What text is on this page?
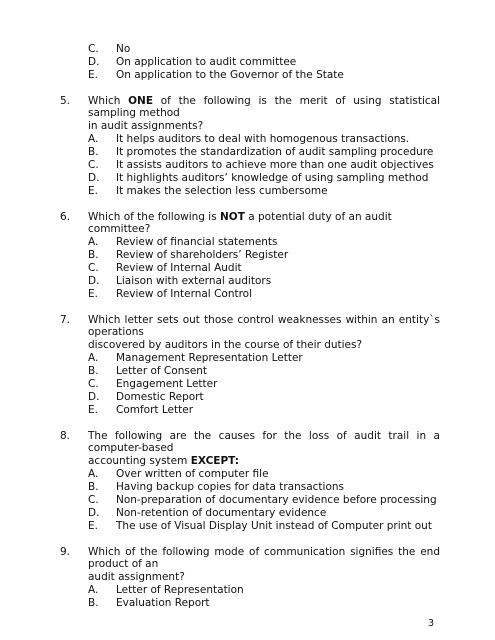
C. No
D. On application to audit committee
E. On application to the Governor of the State
5. Which ONE of the following is the merit of using statistical sampling method
in audit assignments?
A. It helps auditors to deal with homogenous transactions.
B. It promotes the standardization of audit sampling procedure
C. It assists auditors to achieve more than one audit objectives
D. It highlights auditors’ knowledge of using sampling method
E. It makes the selection less cumbersome
6. Which of the following is NOT a potential duty of an audit committee?
A. Review of financial statements
B. Review of shareholders’ Register
C. Review of Internal Audit
D. Liaison with external auditors
E. Review of Internal Control
7. Which letter sets out those control weaknesses within an entity`s operations
discovered by auditors in the course of their duties?
A. Management Representation Letter
B. Letter of Consent
C. Engagement Letter
D. Domestic Report
E. Comfort Letter
8. The following are the causes for the loss of audit trail in a computer-based
accounting system EXCEPT:
A. Over written of computer file
B. Having backup copies for data transactions
C. Non-preparation of documentary evidence before processing
D. Non-retention of documentary evidence
E. The use of Visual Display Unit instead of Computer print out
9. Which of the following mode of communication signifies the end product of an
audit assignment?
A. Letter of Representation
B. Evaluation Report
3
